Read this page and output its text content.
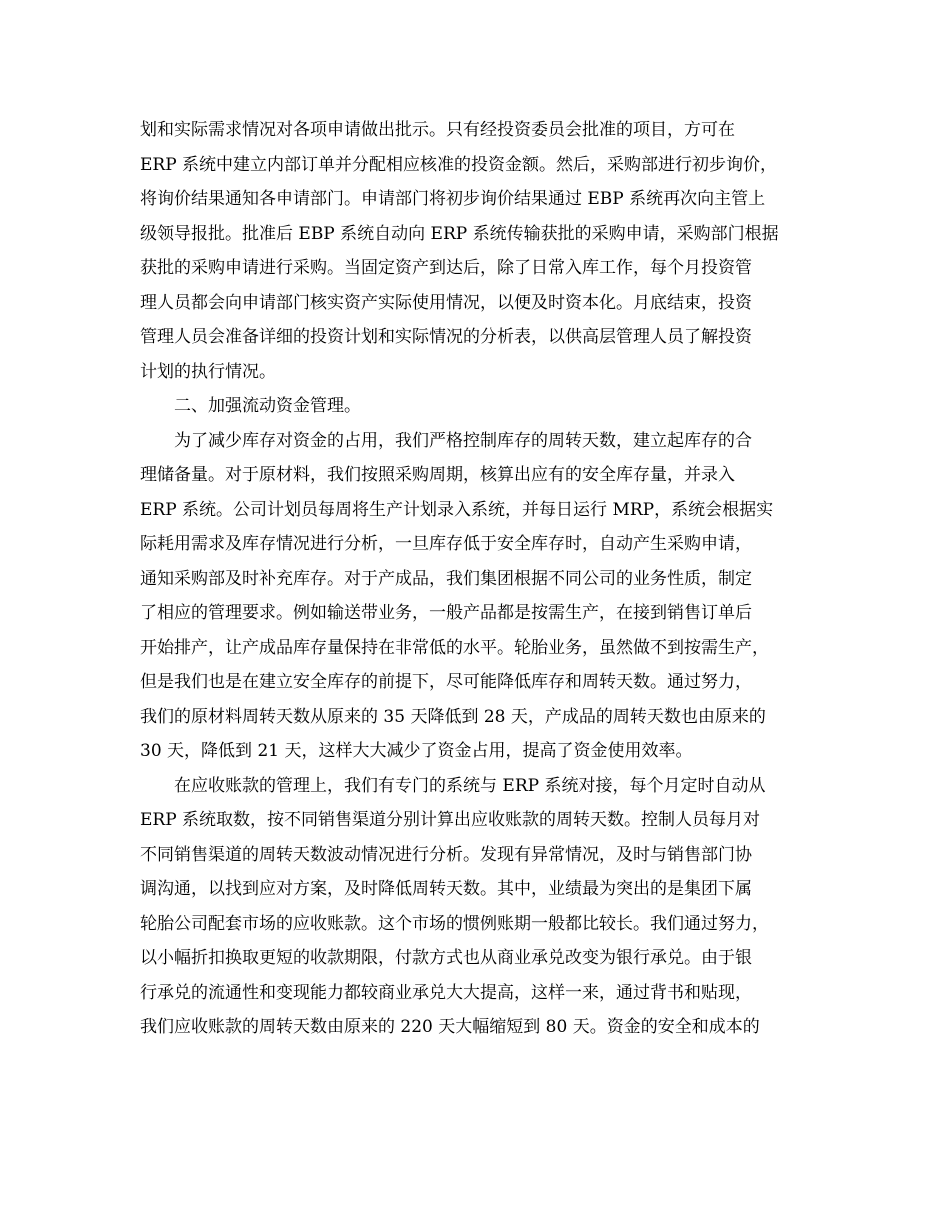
划和实际需求情况对各项申请做出批示。只有经投资委员会批准的项目，方可在
ERP 系统中建立内部订单并分配相应核准的投资金额。然后，采购部进行初步询价，
将询价结果通知各申请部门。申请部门将初步询价结果通过 EBP 系统再次向主管上
级领导报批。批准后 EBP 系统自动向 ERP 系统传输获批的采购申请，采购部门根据
获批的采购申请进行采购。当固定资产到达后，除了日常入库工作，每个月投资管
理人员都会向申请部门核实资产实际使用情况，以便及时资本化。月底结束，投资
管理人员会准备详细的投资计划和实际情况的分析表，以供高层管理人员了解投资
计划的执行情况。
二、加强流动资金管理。
为了减少库存对资金的占用，我们严格控制库存的周转天数，建立起库存的合
理储备量。对于原材料，我们按照采购周期，核算出应有的安全库存量，并录入
ERP 系统。公司计划员每周将生产计划录入系统，并每日运行 MRP，系统会根据实
际耗用需求及库存情况进行分析，一旦库存低于安全库存时，自动产生采购申请，
通知采购部及时补充库存。对于产成品，我们集团根据不同公司的业务性质，制定
了相应的管理要求。例如输送带业务，一般产品都是按需生产，在接到销售订单后
开始排产，让产成品库存量保持在非常低的水平。轮胎业务，虽然做不到按需生产，
但是我们也是在建立安全库存的前提下，尽可能降低库存和周转天数。通过努力，
我们的原材料周转天数从原来的 35 天降低到 28 天，产成品的周转天数也由原来的
30 天，降低到 21 天，这样大大减少了资金占用，提高了资金使用效率。
在应收账款的管理上，我们有专门的系统与 ERP 系统对接，每个月定时自动从
ERP 系统取数，按不同销售渠道分别计算出应收账款的周转天数。控制人员每月对
不同销售渠道的周转天数波动情况进行分析。发现有异常情况，及时与销售部门协
调沟通，以找到应对方案，及时降低周转天数。其中，业绩最为突出的是集团下属
轮胎公司配套市场的应收账款。这个市场的惯例账期一般都比较长。我们通过努力，
以小幅折扣换取更短的收款期限，付款方式也从商业承兑改变为银行承兑。由于银
行承兑的流通性和变现能力都较商业承兑大大提高，这样一来，通过背书和贴现，
我们应收账款的周转天数由原来的 220 天大幅缩短到 80 天。资金的安全和成本的
